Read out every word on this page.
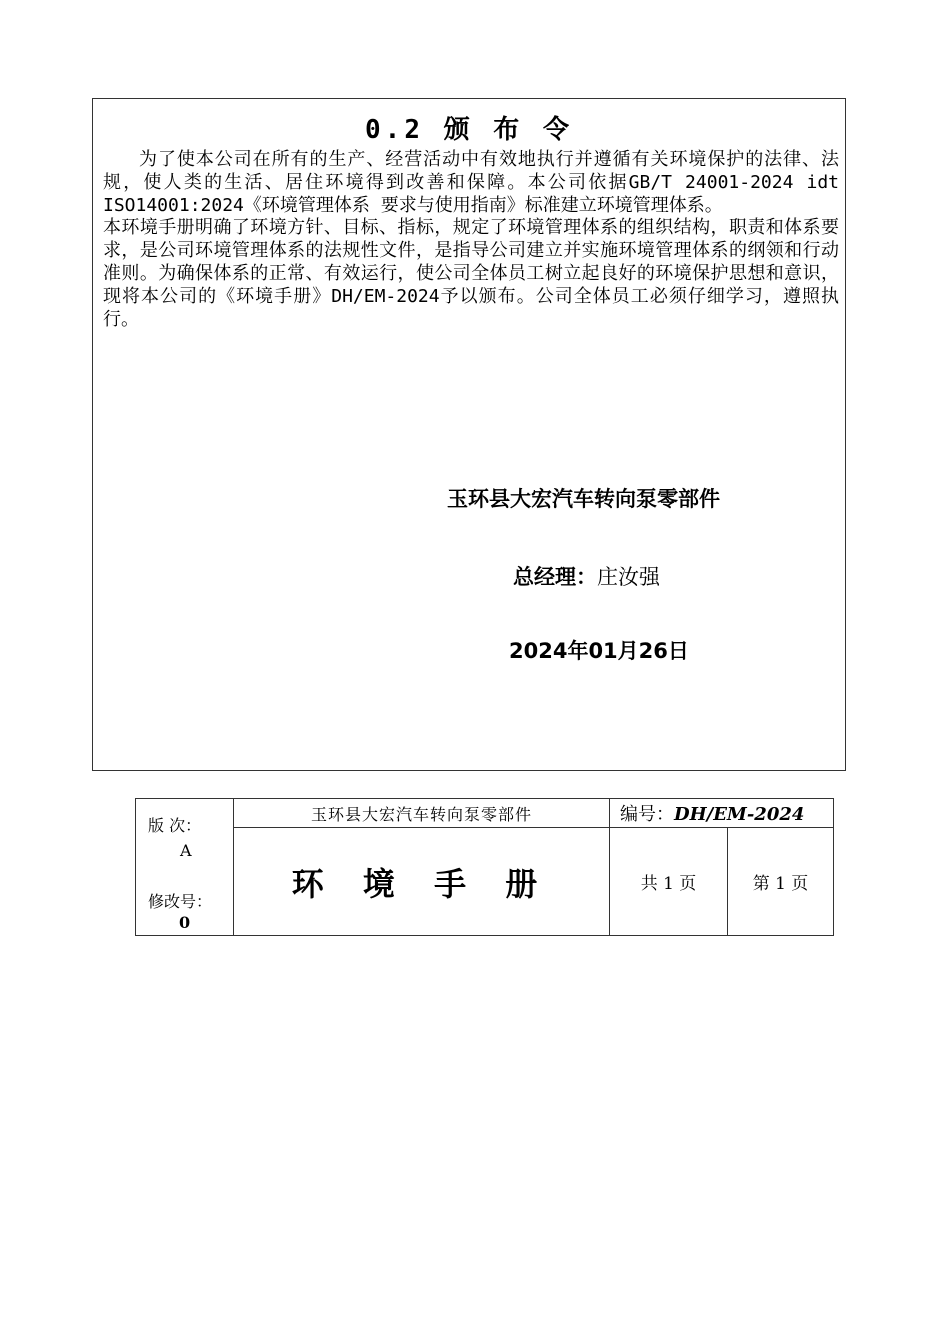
0.2 颁 布 令

为了使本公司在所有的生产、经营活动中有效地执行并遵循有关环境保护的法律、法规，使人类的生活、居住环境得到改善和保障。本公司依据GB/T 24001-2024 idt ISO14001:2024《环境管理体系 要求与使用指南》标准建立环境管理体系。

本环境手册明确了环境方针、目标、指标，规定了环境管理体系的组织结构，职责和体系要求，是公司环境管理体系的法规性文件，是指导公司建立并实施环境管理体系的纲领和行动准则。为确保体系的正常、有效运行，使公司全体员工树立起良好的环境保护思想和意识，现将本公司的《环境手册》DH/EM-2024予以颁布。公司全体员工必须仔细学习，遵照执行。

玉环县大宏汽车转向泵零部件
总经理：庄汝强
2024年01月26日
版 次：
A
修改号：
0	玉环县大宏汽车转向泵零部件	编号：DH/EM-2024	
	环 境 手 册	共 1 页	第 1 页
